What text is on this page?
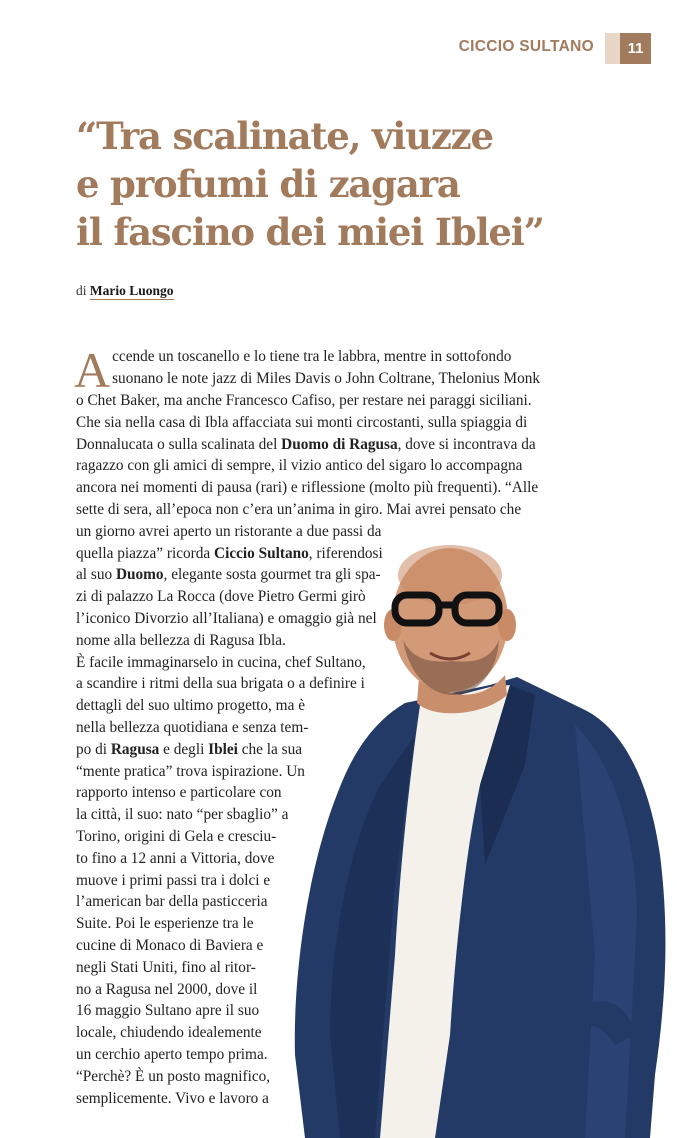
CICCIO SULTANO	11
“Tra scalinate, viuzze
e profumi di zagara
il fascino dei miei Iblei”
di Mario Luongo
A ccende un toscanello e lo tiene tra le labbra, mentre in sottofondo
suonano le note jazz di Miles Davis o John Coltrane, Thelonius Monk
o Chet Baker, ma anche Francesco Cafiso, per restare nei paraggi siciliani.
Che sia nella casa di Ibla affacciata sui monti circostanti, sulla spiaggia di
Donnalucata o sulla scalinata del Duomo di Ragusa, dove si incontrava da
ragazzo con gli amici di sempre, il vizio antico del sigaro lo accompagna
ancora nei momenti di pausa (rari) e riflessione (molto più frequenti). “Alle
sette di sera, all’epoca non c’era un’anima in giro. Mai avrei pensato che
un giorno avrei aperto un ristorante a due passi da
quella piazza” ricorda Ciccio Sultano, riferendosi
al suo Duomo, elegante sosta gourmet tra gli spa-
zi di palazzo La Rocca (dove Pietro Germi girò
l’iconico Divorzio all’Italiana) e omaggio già nel
nome alla bellezza di Ragusa Ibla.
È facile immaginarselo in cucina, chef Sultano,
a scandire i ritmi della sua brigata o a definire i
dettagli del suo ultimo progetto, ma è
nella bellezza quotidiana e senza tem-
po di Ragusa e degli Iblei che la sua
“mente pratica” trova ispirazione. Un
rapporto intenso e particolare con
la città, il suo: nato “per sbaglio” a
Torino, origini di Gela e cresciu-
to fino a 12 anni a Vittoria, dove
muove i primi passi tra i dolci e
l’american bar della pasticceria
Suite. Poi le esperienze tra le
cucine di Monaco di Baviera e
negli Stati Uniti, fino al ritor-
no a Ragusa nel 2000, dove il
16 maggio Sultano apre il suo
locale, chiudendo idealemente
un cerchio aperto tempo prima.
“Perchè? È un posto magnifico,
semplicemente. Vivo e lavoro a
